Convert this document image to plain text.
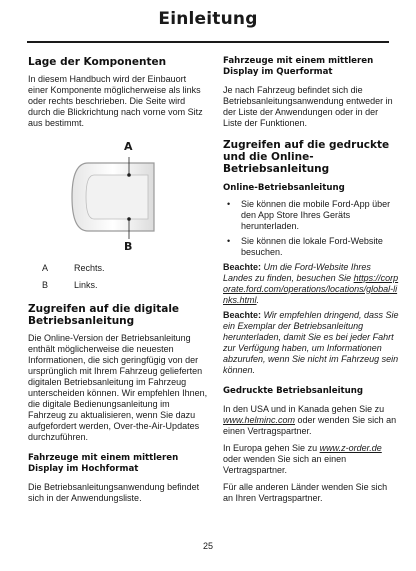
Einleitung
Lage der Komponenten

In diesem Handbuch wird der Einbauort einer Komponente möglicherweise als links oder rechts beschrieben. Die Seite wird durch die Blickrichtung nach vorne vom Sitz aus bestimmt.

A
B
A	Rechts.
B	Links.
Zugreifen auf die digitale Betriebsanleitung

Die Online-Version der Betriebsanleitung enthält möglicherweise die neuesten Informationen, die sich geringfügig von der ursprünglich mit Ihrem Fahrzeug gelieferten digitalen Betriebsanleitung im Fahrzeug unterscheiden können. Wir empfehlen Ihnen, die digitale Bedienungsanleitung im Fahrzeug zu aktualisieren, wenn Sie dazu aufgefordert werden, Over-the-Air-Updates durchzuführen.

Fahrzeuge mit einem mittleren Display im Hochformat

Die Betriebsanleitungsanwendung befindet sich in der Anwendungsliste.

Fahrzeuge mit einem mittleren Display im Querformat

Je nach Fahrzeug befindet sich die Betriebsanleitungsanwendung entweder in der Liste der Anwendungen oder in der Liste der Funktionen.

Zugreifen auf die gedruckte und die Online-Betriebsanleitung
Online-Betriebsanleitung
•	Sie können die mobile Ford-App über den App Store Ihres Geräts herunterladen.
•	Sie können die lokale Ford-Website besuchen.

Beachte: Um die Ford-Website Ihres Landes zu finden, besuchen Sie https://corporate.ford.com/operations/locations/global-links.html.

Beachte: Wir empfehlen dringend, dass Sie ein Exemplar der Betriebsanleitung herunterladen, damit Sie es bei jeder Fahrt zur Verfügung haben, um Informationen abzurufen, wenn Sie nicht im Fahrzeug sein können.

Gedruckte Betriebsanleitung

In den USA und in Kanada gehen Sie zu www.helminc.com oder wenden Sie sich an einen Vertragspartner.

In Europa gehen Sie zu www.z-order.de oder wenden Sie sich an einen Vertragspartner.

Für alle anderen Länder wenden Sie sich an Ihren Vertragspartner.

25
